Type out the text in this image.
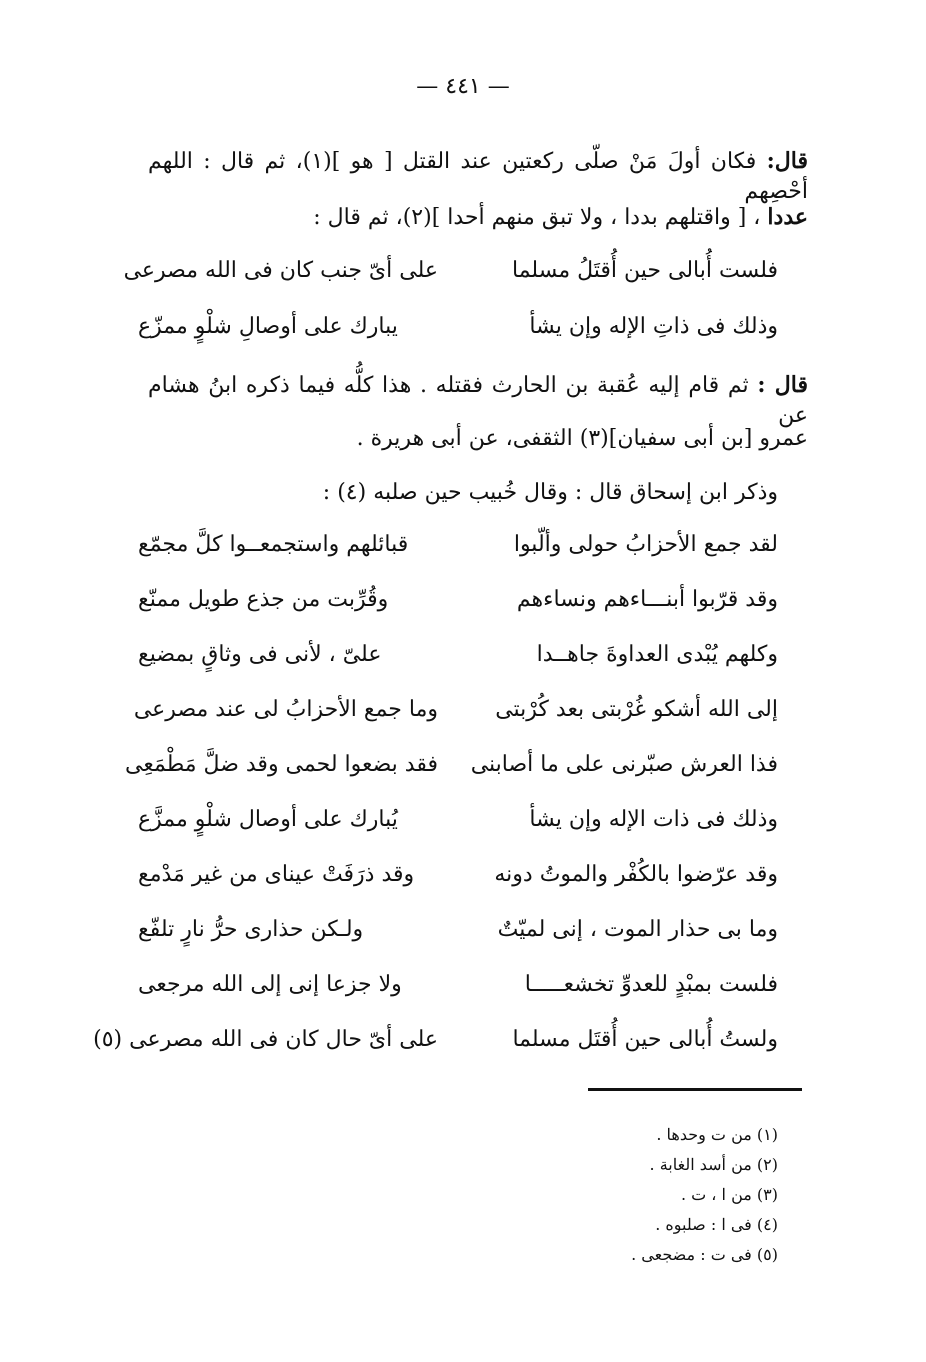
— ٤٤١ —
قال: فكان أولَ مَنْ صلّى ركعتين عند القتل [ هو ](١)، ثم قال : اللهم أحْصِهم
عددا ، [ واقتلهم بددا ، ولا تبق منهم أحدا ](٢)، ثم قال :
فلست أُبالى حين أُقتَلُ مسلما
على أىّ جنب كان فى الله مصرعى
وذلك فى ذاتِ الإله وإن يشأ
يبارك على أوصالِ شلْوٍ ممزّع
قال : ثم قام إليه عُقبة بن الحارث فقتله . هذا كلُّه فيما ذكره ابنُ هشام عن
عمرو [بن أبى سفيان](٣) الثقفى، عن أبى هريرة .
وذكر ابن إسحاق قال : وقال خُبيب حين صلبه (٤) :
لقد جمع الأحزابُ حولى وألّبوا
قبائلهم واستجمعــوا كلَّ مجمّع
وقد قرّبوا أبنـــاءهم ونساءهم
وقُرِّبت من جذع طويل ممنّع
وكلهم يُبْدى العداوةَ جاهــدا
علىّ ، لأنى فى وثاقٍ بمضيع
إلى الله أشكو غُرْبتى بعد كُرْبتى
وما جمع الأحزابُ لى عند مصرعى
فذا العرش صبّرنى على ما أصابنى
فقد بضعوا لحمى وقد ضلَّ مَطْمَعِى
وذلك فى ذات الإله وإن يشأ
يُبارك على أوصال شلْوٍ ممزَّع
وقد عرّضوا بالكُفْر والموتُ دونه
وقد ذرَفَتْ عيناى من غير مَدْمع
وما بى حذار الموت ، إنى لميّتٌ
ولـكن حذارى حرُّ نارٍ تلفّع
فلست بمبْدٍ للعدوِّ تخشعـــــا
ولا جزعا إنى إلى الله مرجعى
ولستُ أُبالى حين أُقتَل مسلما
على أىّ حال كان فى الله مصرعى (٥)
(١) من ت وحدها .
(٢) من أسد الغابة .
(٣) من ا ، ت .
(٤) فى ا : صلبوه .
(٥) فى ت : مضجعى .
